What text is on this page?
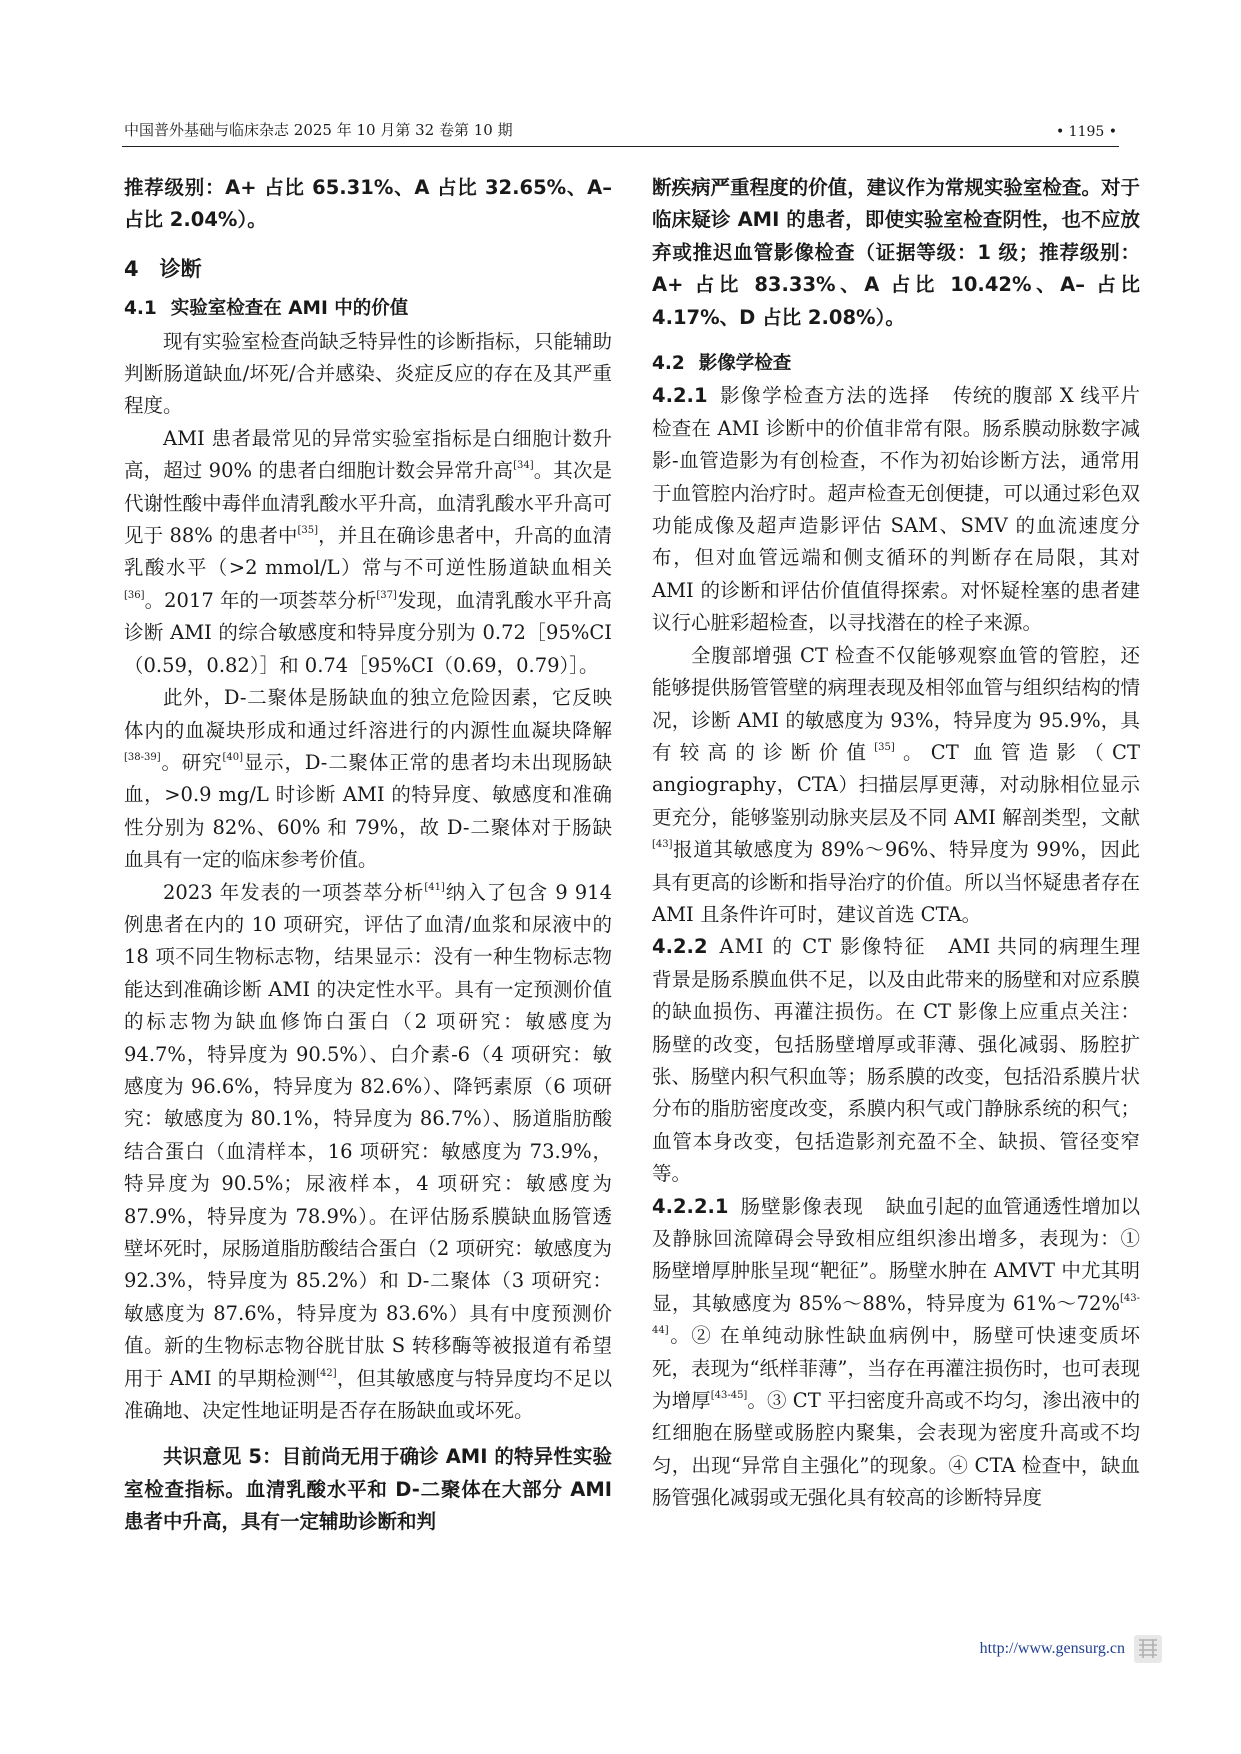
中国普外基础与临床杂志 2025 年 10 月第 32 卷第 10 期	• 1195 •

推荐级别：A+ 占比 65.31%、A 占比 32.65%、A– 占比 2.04%）。

4　诊断
4.1 实验室检查在 AMI 中的价值

现有实验室检查尚缺乏特异性的诊断指标，只能辅助判断肠道缺血/坏死/合并感染、炎症反应的存在及其严重程度。

AMI 患者最常见的异常实验室指标是白细胞计数升高，超过 90% 的患者白细胞计数会异常升高[34]。其次是代谢性酸中毒伴血清乳酸水平升高，血清乳酸水平升高可见于 88% 的患者中[35]，并且在确诊患者中，升高的血清乳酸水平（>2 mmol/L）常与不可逆性肠道缺血相关[36]。2017 年的一项荟萃分析[37]发现，血清乳酸水平升高诊断 AMI 的综合敏感度和特异度分别为 0.72［95%CI（0.59，0.82）］和 0.74［95%CI（0.69，0.79）］。

此外，D-二聚体是肠缺血的独立危险因素，它反映体内的血凝块形成和通过纤溶进行的内源性血凝块降解[38-39]。研究[40]显示，D-二聚体正常的患者均未出现肠缺血，>0.9 mg/L 时诊断 AMI 的特异度、敏感度和准确性分别为 82%、60% 和 79%，故 D-二聚体对于肠缺血具有一定的临床参考价值。

2023 年发表的一项荟萃分析[41]纳入了包含 9 914 例患者在内的 10 项研究，评估了血清/血浆和尿液中的 18 项不同生物标志物，结果显示：没有一种生物标志物能达到准确诊断 AMI 的决定性水平。具有一定预测价值的标志物为缺血修饰白蛋白（2 项研究：敏感度为 94.7%，特异度为 90.5%）、白介素-6（4 项研究：敏感度为 96.6%，特异度为 82.6%）、降钙素原（6 项研究：敏感度为 80.1%，特异度为 86.7%）、肠道脂肪酸结合蛋白（血清样本，16 项研究：敏感度为 73.9%，特异度为 90.5%；尿液样本，4 项研究：敏感度为 87.9%，特异度为 78.9%）。在评估肠系膜缺血肠管透壁坏死时，尿肠道脂肪酸结合蛋白（2 项研究：敏感度为 92.3%，特异度为 85.2%）和 D-二聚体（3 项研究：敏感度为 87.6%，特异度为 83.6%）具有中度预测价值。新的生物标志物谷胱甘肽 S 转移酶等被报道有希望用于 AMI 的早期检测[42]，但其敏感度与特异度均不足以准确地、决定性地证明是否存在肠缺血或坏死。

共识意见 5：目前尚无用于确诊 AMI 的特异性实验室检查指标。血清乳酸水平和 D-二聚体在大部分 AMI 患者中升高，具有一定辅助诊断和判

断疾病严重程度的价值，建议作为常规实验室检查。对于临床疑诊 AMI 的患者，即使实验室检查阴性，也不应放弃或推迟血管影像检查（证据等级：1 级；推荐级别：A+ 占比 83.33%、A 占比 10.42%、A– 占比 4.17%、D 占比 2.08%）。

4.2 影像学检查

4.2.1 影像学检查方法的选择 传统的腹部 X 线平片检查在 AMI 诊断中的价值非常有限。肠系膜动脉数字减影-血管造影为有创检查，不作为初始诊断方法，通常用于血管腔内治疗时。超声检查无创便捷，可以通过彩色双功能成像及超声造影评估 SAM、SMV 的血流速度分布，但对血管远端和侧支循环的判断存在局限，其对 AMI 的诊断和评估价值值得探索。对怀疑栓塞的患者建议行心脏彩超检查，以寻找潜在的栓子来源。

全腹部增强 CT 检查不仅能够观察血管的管腔，还能够提供肠管管壁的病理表现及相邻血管与组织结构的情况，诊断 AMI 的敏感度为 93%，特异度为 95.9%，具有较高的诊断价值[35]。CT 血管造影（CT angiography，CTA）扫描层厚更薄，对动脉相位显示更充分，能够鉴别动脉夹层及不同 AMI 解剖类型，文献[43]报道其敏感度为 89%～96%、特异度为 99%，因此具有更高的诊断和指导治疗的价值。所以当怀疑患者存在 AMI 且条件许可时，建议首选 CTA。

4.2.2 AMI 的 CT 影像特征 AMI 共同的病理生理背景是肠系膜血供不足，以及由此带来的肠壁和对应系膜的缺血损伤、再灌注损伤。在 CT 影像上应重点关注：肠壁的改变，包括肠壁增厚或菲薄、强化减弱、肠腔扩张、肠壁内积气积血等；肠系膜的改变，包括沿系膜片状分布的脂肪密度改变，系膜内积气或门静脉系统的积气；血管本身改变，包括造影剂充盈不全、缺损、管径变窄等。

4.2.2.1 肠壁影像表现 缺血引起的血管通透性增加以及静脉回流障碍会导致相应组织渗出增多，表现为：① 肠壁增厚肿胀呈现“靶征”。肠壁水肿在 AMVT 中尤其明显，其敏感度为 85%～88%，特异度为 61%～72%[43-44]。② 在单纯动脉性缺血病例中，肠壁可快速变质坏死，表现为“纸样菲薄”，当存在再灌注损伤时，也可表现为增厚[43-45]。③ CT 平扫密度升高或不均匀，渗出液中的红细胞在肠壁或肠腔内聚集，会表现为密度升高或不均匀，出现“异常自主强化”的现象。④ CTA 检查中，缺血肠管强化减弱或无强化具有较高的诊断特异度

http://www.gensurg.cn
